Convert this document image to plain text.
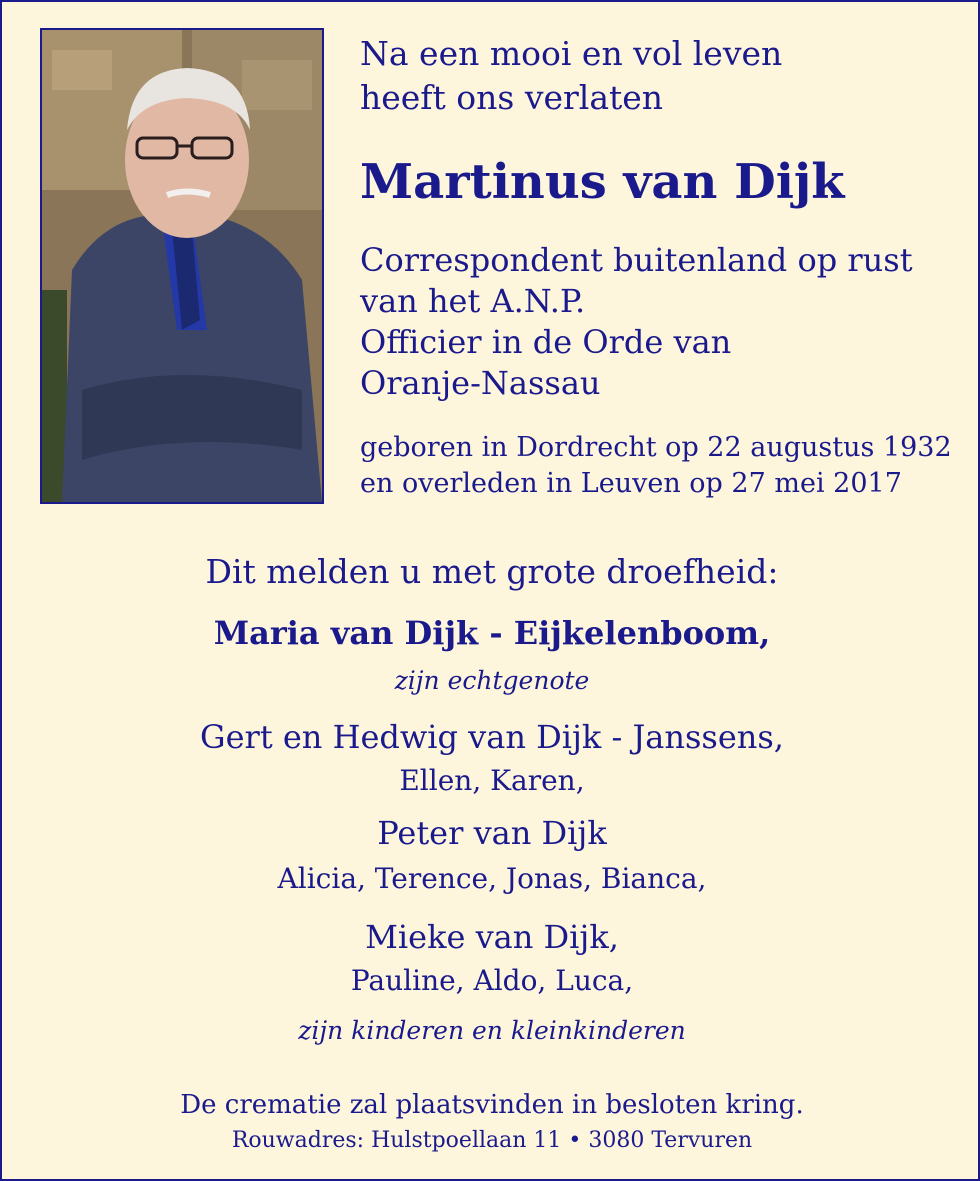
Na een mooi en vol leven
heeft ons verlaten
Martinus van Dijk
Correspondent buitenland op rust
van het A.N.P.
Officier in de Orde van
Oranje-Nassau
geboren in Dordrecht op 22 augustus 1932
en overleden in Leuven op 27 mei 2017
Dit melden u met grote droefheid:
Maria van Dijk - Eijkelenboom,
zijn echtgenote
Gert en Hedwig van Dijk - Janssens,
Ellen, Karen,
Peter van Dijk
Alicia, Terence, Jonas, Bianca,
Mieke van Dijk,
Pauline, Aldo, Luca,
zijn kinderen en kleinkinderen
De crematie zal plaatsvinden in besloten kring.
Rouwadres: Hulstpoellaan 11 • 3080 Tervuren
